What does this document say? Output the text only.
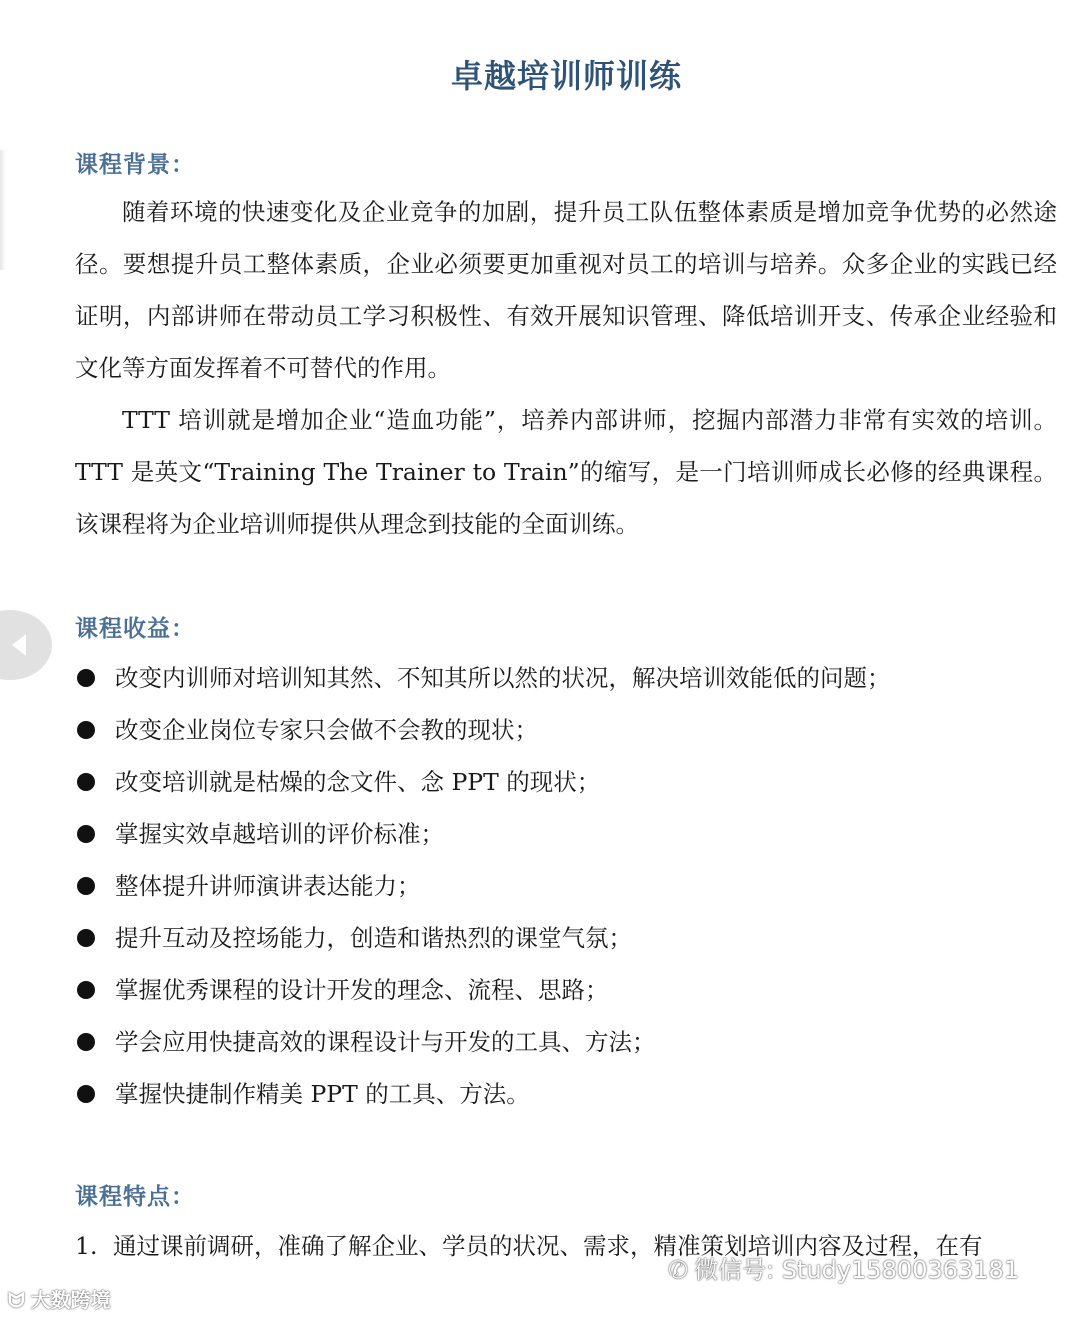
卓越培训师训练
课程背景：

随着环境的快速变化及企业竞争的加剧，提升员工队伍整体素质是增加竞争优势的必然途径。要想提升员工整体素质，企业必须要更加重视对员工的培训与培养。众多企业的实践已经证明，内部讲师在带动员工学习积极性、有效开展知识管理、降低培训开支、传承企业经验和文化等方面发挥着不可替代的作用。

TTT 培训就是增加企业“造血功能”，培养内部讲师，挖掘内部潜力非常有实效的培训。TTT 是英文“Training The Trainer to Train”的缩写，是一门培训师成长必修的经典课程。该课程将为企业培训师提供从理念到技能的全面训练。

课程收益：
改变内训师对培训知其然、不知其所以然的状况，解决培训效能低的问题；
改变企业岗位专家只会做不会教的现状；
改变培训就是枯燥的念文件、念 PPT 的现状；
掌握实效卓越培训的评价标准；
整体提升讲师演讲表达能力；
提升互动及控场能力，创造和谐热烈的课堂气氛；
掌握优秀课程的设计开发的理念、流程、思路；
学会应用快捷高效的课程设计与开发的工具、方法；
掌握快捷制作精美 PPT 的工具、方法。
课程特点：
1. 通过课前调研，准确了解企业、学员的状况、需求，精准策划培训内容及过程，在有
ᗢ 大数跨境
✆ 微信号: Study15800363181
